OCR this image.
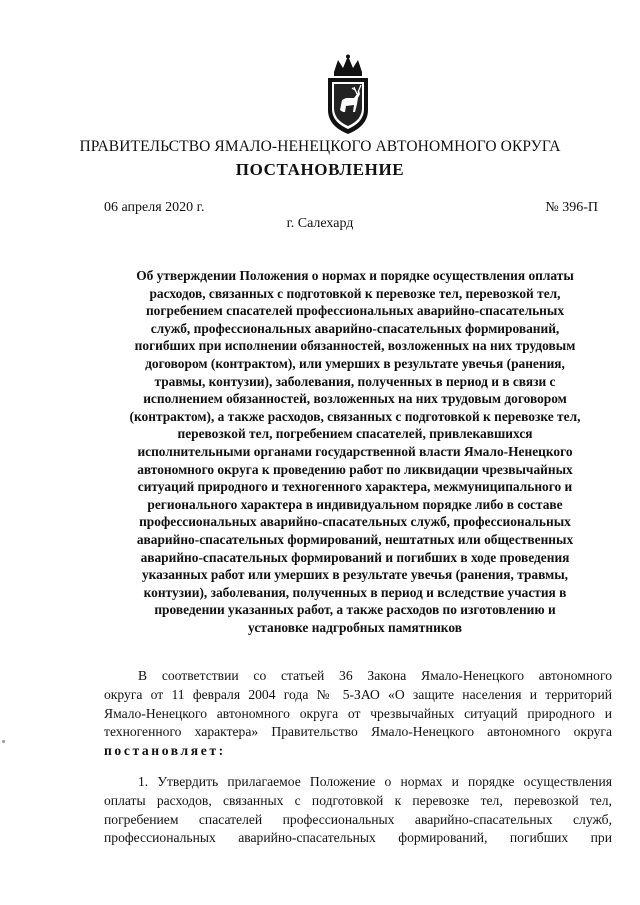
ПРАВИТЕЛЬСТВО ЯМАЛО-НЕНЕЦКОГО АВТОНОМНОГО ОКРУГА
ПОСТАНОВЛЕНИЕ
06 апреля 2020 г.	№ 396-П
г. Салехард
Об утверждении Положения о нормах и порядке осуществления оплаты
расходов, связанных с подготовкой к перевозке тел, перевозкой тел,
погребением спасателей профессиональных аварийно-спасательных
служб, профессиональных аварийно-спасательных формирований,
погибших при исполнении обязанностей, возложенных на них трудовым
договором (контрактом), или умерших в результате увечья (ранения,
травмы, контузии), заболевания, полученных в период и в связи с
исполнением обязанностей, возложенных на них трудовым договором
(контрактом), а также расходов, связанных с подготовкой к перевозке тел,
перевозкой тел, погребением спасателей, привлекавшихся
исполнительными органами государственной власти Ямало-Ненецкого
автономного округа к проведению работ по ликвидации чрезвычайных
ситуаций природного и техногенного характера, межмуниципального и
регионального характера в индивидуальном порядке либо в составе
профессиональных аварийно-спасательных служб, профессиональных
аварийно-спасательных формирований, нештатных или общественных
аварийно-спасательных формирований и погибших в ходе проведения
указанных работ или умерших в результате увечья (ранения, травмы,
контузии), заболевания, полученных в период и вследствие участия в
проведении указанных работ, а также расходов по изготовлению и
установке надгробных памятников
В соответствии со статьей 36 Закона Ямало-Ненецкого автономного
округа от 11 февраля 2004 года № 5-ЗАО «О защите населения и территорий
Ямало-Ненецкого автономного округа от чрезвычайных ситуаций природного и
техногенного характера» Правительство Ямало-Ненецкого автономного округа
постановляет:
1. Утвердить прилагаемое Положение о нормах и порядке осуществления
оплаты расходов, связанных с подготовкой к перевозке тел, перевозкой тел,
погребением спасателей профессиональных аварийно-спасательных служб,
профессиональных аварийно-спасательных формирований, погибших при
